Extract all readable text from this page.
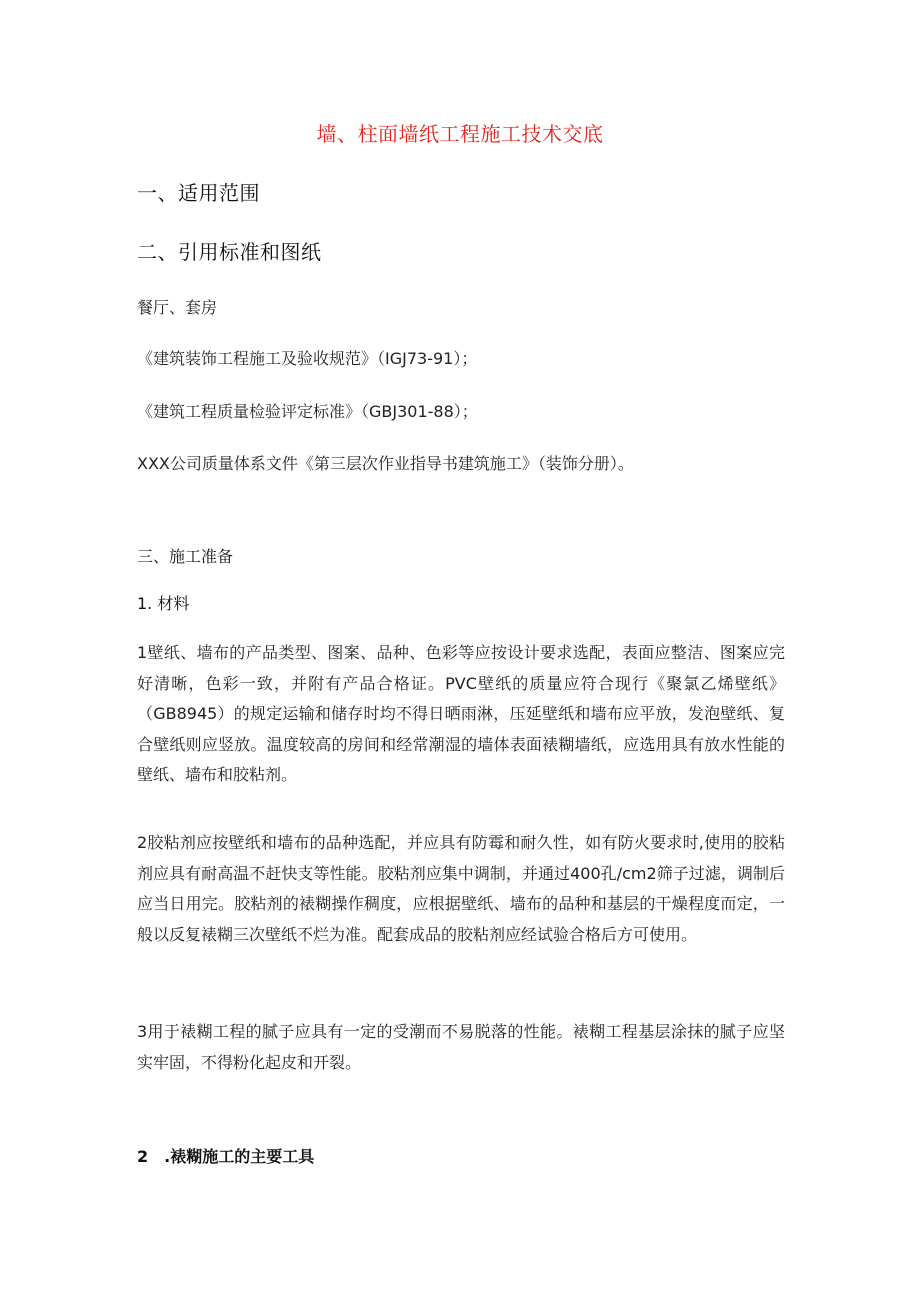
墙、柱面墙纸工程施工技术交底
一、适用范围
二、引用标准和图纸
餐厅、套房
《建筑装饰工程施工及验收规范》（IGJ73-91）；
《建筑工程质量检验评定标准》（GBJ301-88）；
XXX公司质量体系文件《第三层次作业指导书建筑施工》（装饰分册）。
三、施工准备
1. 材料
1壁纸、墙布的产品类型、图案、品种、色彩等应按设计要求选配，表面应整洁、图案应完好清晰，色彩一致，并附有产品合格证。PVC壁纸的质量应符合现行《聚氯乙烯壁纸》（GB8945）的规定运输和储存时均不得日晒雨淋，压延壁纸和墙布应平放，发泡壁纸、复合壁纸则应竖放。温度较高的房间和经常潮湿的墙体表面裱糊墙纸，应选用具有放水性能的壁纸、墙布和胶粘剂。
2胶粘剂应按壁纸和墙布的品种选配，并应具有防霉和耐久性，如有防火要求时,使用的胶粘剂应具有耐高温不赶快支等性能。胶粘剂应集中调制，并通过400孔/cm2筛子过滤，调制后应当日用完。胶粘剂的裱糊操作稠度，应根据壁纸、墙布的品种和基层的干燥程度而定，一般以反复裱糊三次壁纸不烂为准。配套成品的胶粘剂应经试验合格后方可使用。
3用于裱糊工程的腻子应具有一定的受潮而不易脱落的性能。裱糊工程基层涂抹的腻子应坚实牢固，不得粉化起皮和开裂。
2　.裱糊施工的主要工具
